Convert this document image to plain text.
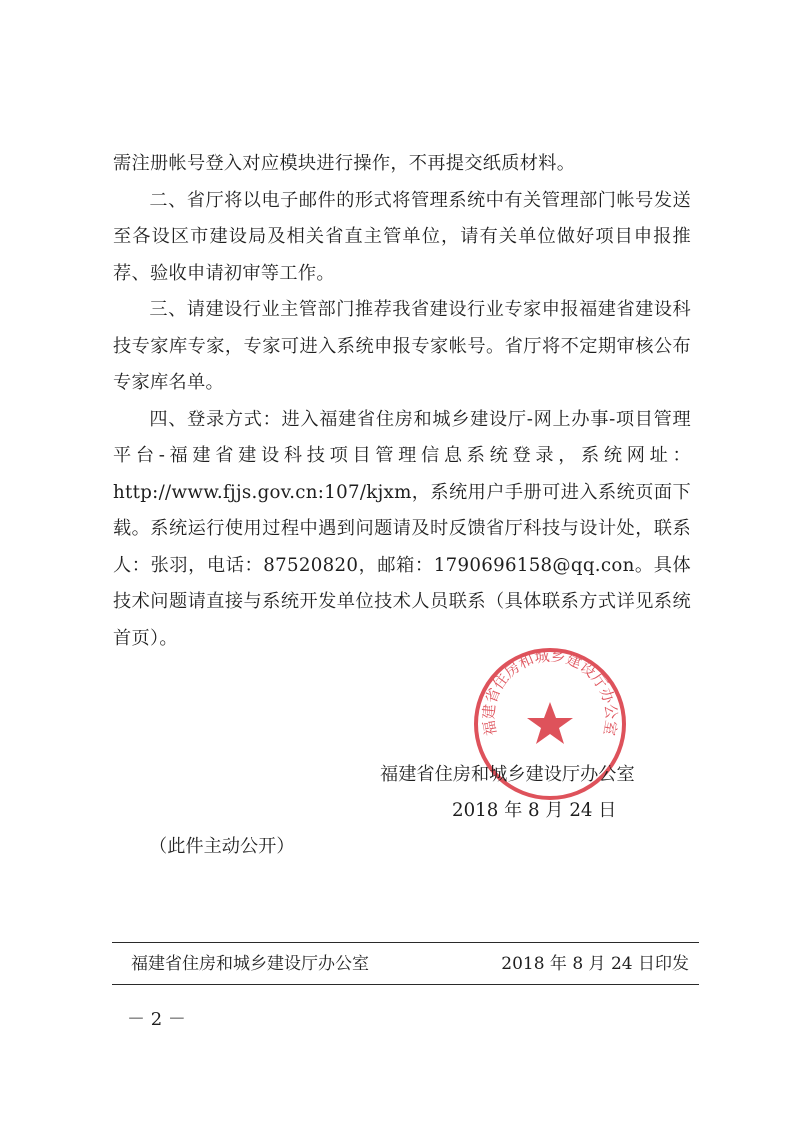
需注册帐号登入对应模块进行操作，不再提交纸质材料。

二、省厅将以电子邮件的形式将管理系统中有关管理部门帐号发送至各设区市建设局及相关省直主管单位，请有关单位做好项目申报推荐、验收申请初审等工作。

三、请建设行业主管部门推荐我省建设行业专家申报福建省建设科技专家库专家，专家可进入系统申报专家帐号。省厅将不定期审核公布专家库名单。

四、登录方式：进入福建省住房和城乡建设厅-网上办事-项目管理平台-福建省建设科技项目管理信息系统登录，系统网址：http://www.fjjs.gov.cn:107/kjxm，系统用户手册可进入系统页面下载。系统运行使用过程中遇到问题请及时反馈省厅科技与设计处，联系人：张羽，电话：87520820，邮箱：1790696158@qq.con。具体技术问题请直接与系统开发单位技术人员联系（具体联系方式详见系统首页）。

福建省住房和城乡建设厅办公室
福建省住房和城乡建设厅办公室
2018 年 8 月 24 日
（此件主动公开）
福建省住房和城乡建设厅办公室	2018 年 8 月 24 日印发
－ 2 －
